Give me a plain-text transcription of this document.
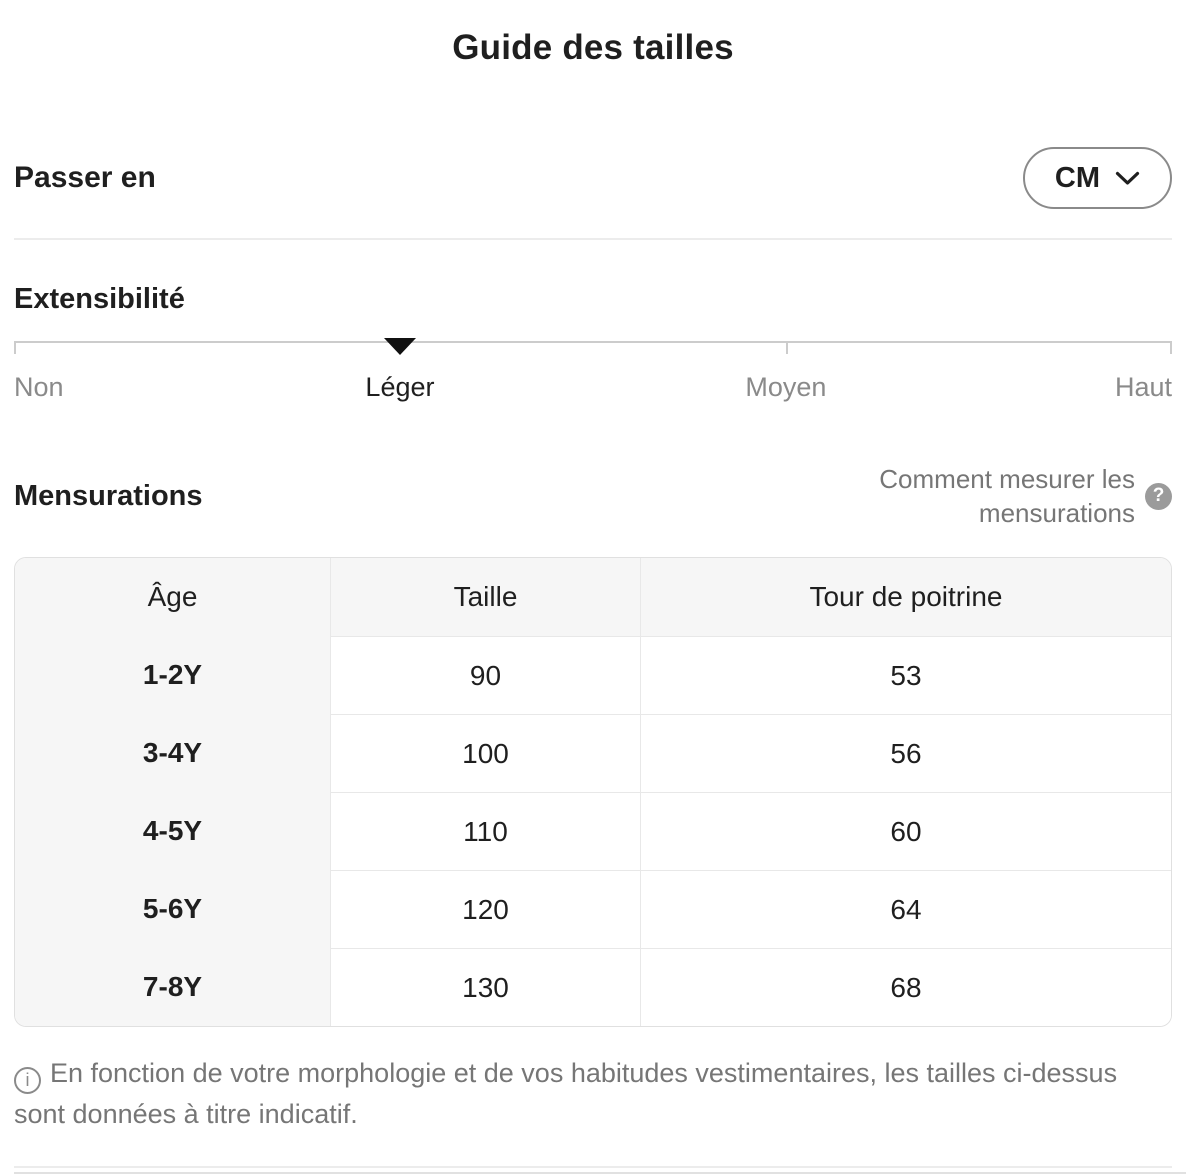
Guide des tailles
Passer en	CM
Extensibilité
Non	Léger	Moyen	Haut
Mensurations
Comment mesurer les mensurations
?
Âge	Taille	Tour de poitrine
1-2Y	90	53
3-4Y	100	56
4-5Y	110	60
5-6Y	120	64
7-8Y	130	68
i En fonction de votre morphologie et de vos habitudes vestimentaires, les tailles ci-dessus sont données à titre indicatif.
